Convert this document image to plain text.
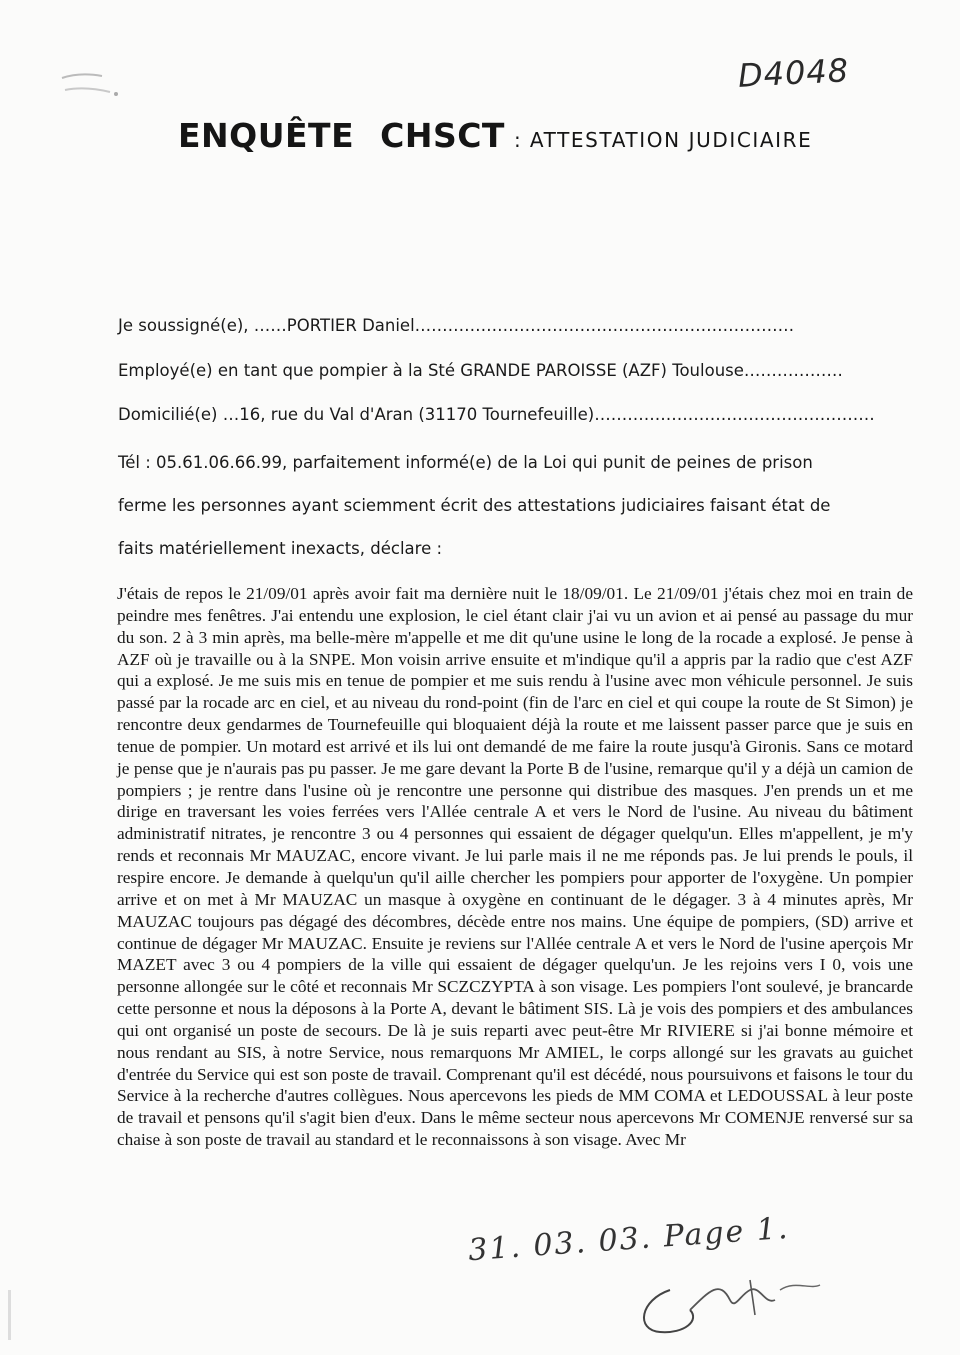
D4048
ENQUÊTE CHSCT : ATTESTATION JUDICIAIRE
Je soussigné(e), ……PORTIER Daniel……………………………………………………………
Employé(e) en tant que pompier à la Sté GRANDE PAROISSE (AZF) Toulouse………………
Domicilié(e) …16, rue du Val d'Aran (31170 Tournefeuille)……………………………………………
Tél : 05.61.06.66.99, parfaitement informé(e) de la Loi qui punit de peines de prison
ferme les personnes ayant sciemment écrit des attestations judiciaires faisant état de
faits matériellement inexacts, déclare :
J'étais de repos le 21/09/01 après avoir fait ma dernière nuit le 18/09/01. Le 21/09/01 j'étais chez moi en train de peindre mes fenêtres. J'ai entendu une explosion, le ciel étant clair j'ai vu un avion et ai pensé au passage du mur du son. 2 à 3 min après, ma belle-mère m'appelle et me dit qu'une usine le long de la rocade a explosé. Je pense à AZF où je travaille ou à la SNPE. Mon voisin arrive ensuite et m'indique qu'il a appris par la radio que c'est AZF qui a explosé. Je me suis mis en tenue de pompier et me suis rendu à l'usine avec mon véhicule personnel. Je suis passé par la rocade arc en ciel, et au niveau du rond-point (fin de l'arc en ciel et qui coupe la route de St Simon) je rencontre deux gendarmes de Tournefeuille qui bloquaient déjà la route et me laissent passer parce que je suis en tenue de pompier. Un motard est arrivé et ils lui ont demandé de me faire la route jusqu'à Gironis. Sans ce motard je pense que je n'aurais pas pu passer. Je me gare devant la Porte B de l'usine, remarque qu'il y a déjà un camion de pompiers ; je rentre dans l'usine où je rencontre une personne qui distribue des masques. J'en prends un et me dirige en traversant les voies ferrées vers l'Allée centrale A et vers le Nord de l'usine. Au niveau du bâtiment administratif nitrates, je rencontre 3 ou 4 personnes qui essaient de dégager quelqu'un. Elles m'appellent, je m'y rends et reconnais Mr MAUZAC, encore vivant. Je lui parle mais il ne me réponds pas. Je lui prends le pouls, il respire encore. Je demande à quelqu'un qu'il aille chercher les pompiers pour apporter de l'oxygène. Un pompier arrive et on met à Mr MAUZAC un masque à oxygène en continuant de le dégager. 3 à 4 minutes après, Mr MAUZAC toujours pas dégagé des décombres, décède entre nos mains. Une équipe de pompiers, (SD) arrive et continue de dégager Mr MAUZAC. Ensuite je reviens sur l'Allée centrale A et vers le Nord de l'usine aperçois Mr MAZET avec 3 ou 4 pompiers de la ville qui essaient de dégager quelqu'un. Je les rejoins vers I 0, vois une personne allongée sur le côté et reconnais Mr SCZCZYPTA à son visage. Les pompiers l'ont soulevé, je brancarde cette personne et nous la déposons à la Porte A, devant le bâtiment SIS. Là je vois des pompiers et des ambulances qui ont organisé un poste de secours. De là je suis reparti avec peut-être Mr RIVIERE si j'ai bonne mémoire et nous rendant au SIS, à notre Service, nous remarquons Mr AMIEL, le corps allongé sur les gravats au guichet d'entrée du Service qui est son poste de travail. Comprenant qu'il est décédé, nous poursuivons et faisons le tour du Service à la recherche d'autres collègues. Nous apercevons les pieds de MM COMA et LEDOUSSAL à leur poste de travail et pensons qu'il s'agit bien d'eux. Dans le même secteur nous apercevons Mr COMENJE renversé sur sa chaise à son poste de travail au standard et le reconnaissons à son visage. Avec Mr
31. 03. 03. Page 1.
